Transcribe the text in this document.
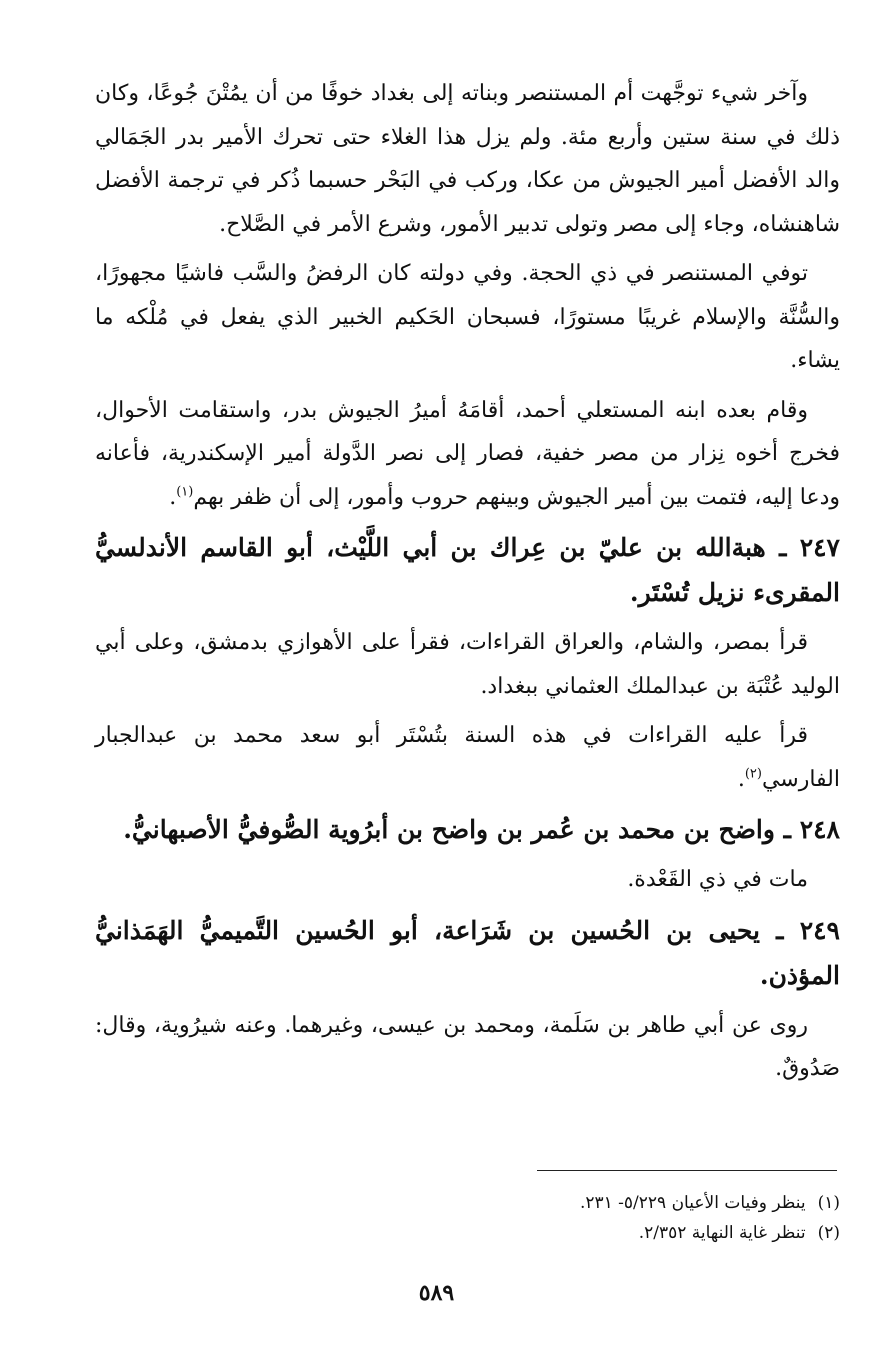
وآخر شيء توجَّهت أم المستنصر وبناته إلى بغداد خوفًا من أن يمُتْنَ جُوعًا، وكان ذلك في سنة ستين وأربع مئة. ولم يزل هذا الغلاء حتى تحرك الأمير بدر الجَمَالي والد الأفضل أمير الجيوش من عكا، وركب في البَحْر حسبما ذُكر في ترجمة الأفضل شاهنشاه، وجاء إلى مصر وتولى تدبير الأمور، وشرع الأمر في الصَّلاح.

توفي المستنصر في ذي الحجة. وفي دولته كان الرفضُ والسَّب فاشيًا مجهورًا، والسُّنَّة والإسلام غريبًا مستورًا، فسبحان الحَكيم الخبير الذي يفعل في مُلْكه ما يشاء.

وقام بعده ابنه المستعلي أحمد، أقامَهُ أميرُ الجيوش بدر، واستقامت الأحوال، فخرج أخوه نِزار من مصر خفية، فصار إلى نصر الدَّولة أمير الإسكندرية، فأعانه ودعا إليه، فتمت بين أمير الجيوش وبينهم حروب وأمور، إلى أن ظفر بهم$^{(١)}$.

٢٤٧ ـ هبةالله بن عليّ بن عِراك بن أبي اللَّيْث، أبو القاسم الأندلسيُّ المقرىء نزيل تُسْتَر.

قرأ بمصر، والشام، والعراق القراءات، فقرأ على الأهوازي بدمشق، وعلى أبي الوليد عُتْبَة بن عبدالملك العثماني ببغداد.

قرأ عليه القراءات في هذه السنة بتُسْتَر أبو سعد محمد بن عبدالجبار الفارسي$^{(٢)}$.

٢٤٨ ـ واضح بن محمد بن عُمر بن واضح بن أبرُوية الصُّوفيُّ الأصبهانيُّ.

مات في ذي القَعْدة.

٢٤٩ ـ يحيى بن الحُسين بن شَرَاعة، أبو الحُسين التَّميميُّ الهَمَذانيُّ المؤذن.

روى عن أبي طاهر بن سَلَمة، ومحمد بن عيسى، وغيرهما. وعنه شيرُوية، وقال: صَدُوقٌ.

(١)ينظر وفيات الأعيان ٥/٢٢٩- ٢٣١.

(٢)تنظر غاية النهاية ٢/٣٥٢.

٥٨٩
